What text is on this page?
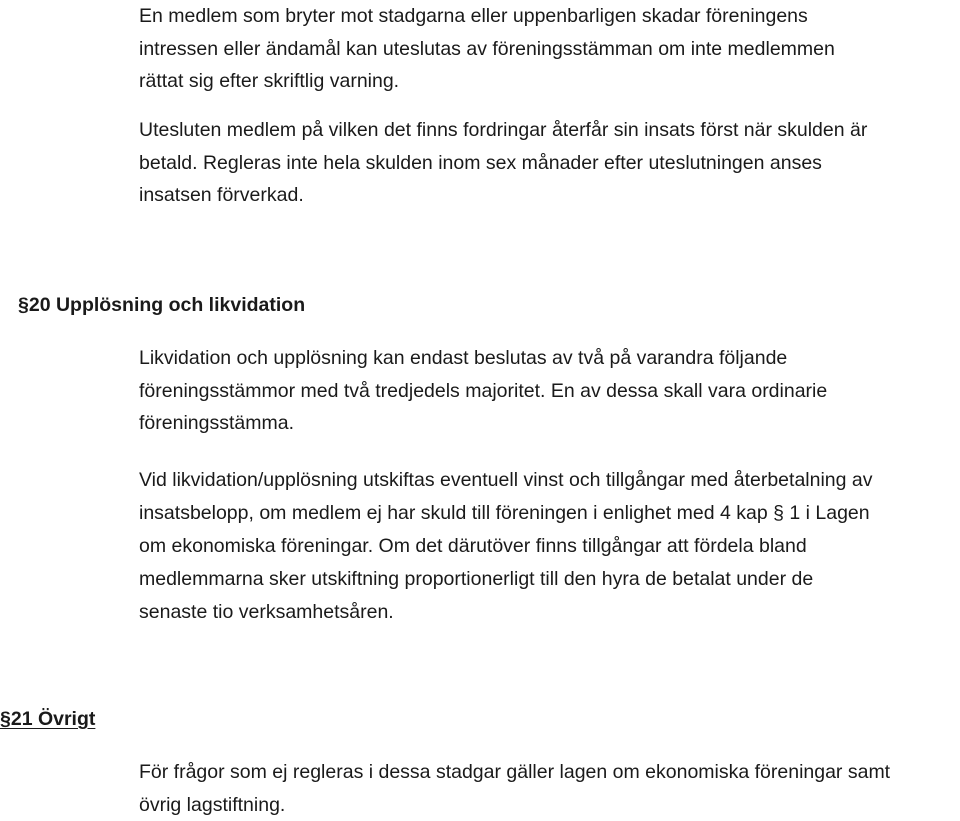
En medlem som bryter mot stadgarna eller uppenbarligen skadar föreningens
intressen eller ändamål kan uteslutas av föreningsstämman om inte medlemmen
rättat sig efter skriftlig varning.

Utesluten medlem på vilken det finns fordringar återfår sin insats först när skulden är
betald. Regleras inte hela skulden inom sex månader efter uteslutningen anses
insatsen förverkad.

§20 Upplösning och likvidation

Likvidation och upplösning kan endast beslutas av två på varandra följande
föreningsstämmor med två tredjedels majoritet. En av dessa skall vara ordinarie
föreningsstämma.

Vid likvidation/upplösning utskiftas eventuell vinst och tillgångar med återbetalning av
insatsbelopp, om medlem ej har skuld till föreningen i enlighet med 4 kap § 1 i Lagen
om ekonomiska föreningar. Om det därutöver finns tillgångar att fördela bland
medlemmarna sker utskiftning proportionerligt till den hyra de betalat under de
senaste tio verksamhetsåren.

§21 Övrigt

För frågor som ej regleras i dessa stadgar gäller lagen om ekonomiska föreningar samt
övrig lagstiftning.
